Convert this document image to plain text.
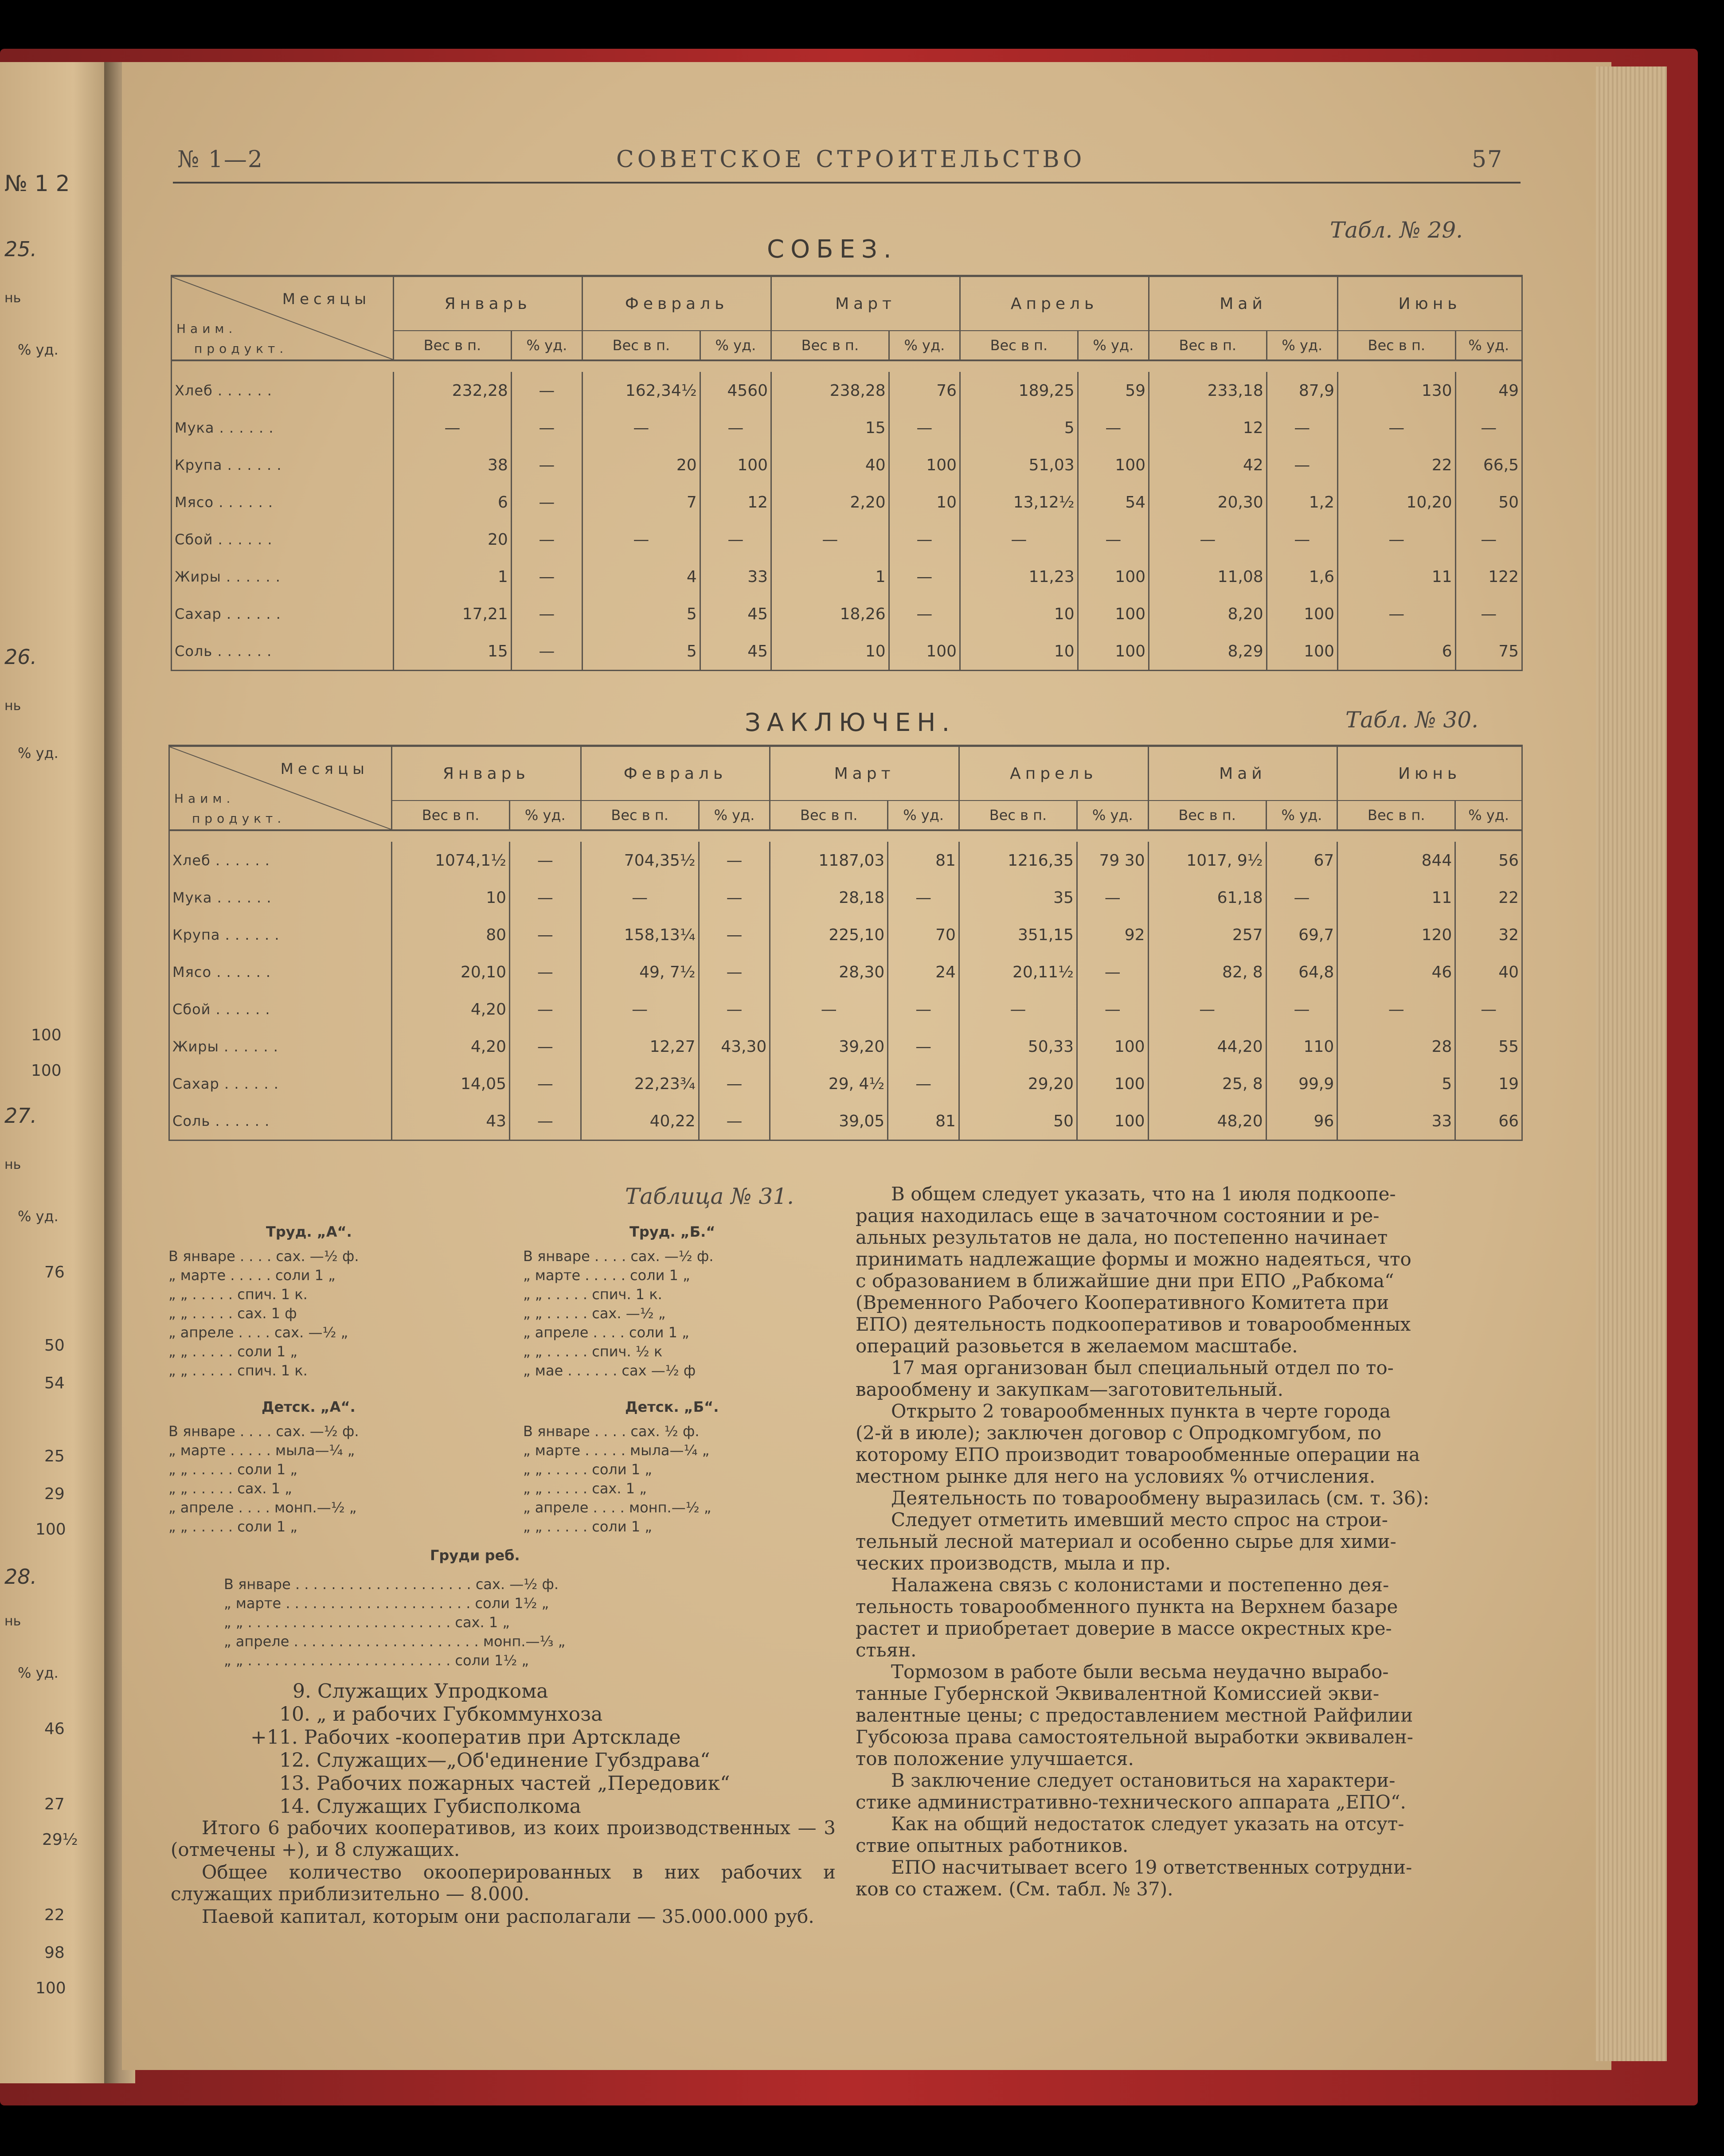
№ 1 2
25.
нь
% уд.
26.
нь
% уд.
100
100
27.
нь
% уд.
76
50
54
25
29
100
28.
нь
% уд.
46
27
29½
22
98
100
№ 1—2	СОВЕТСКОЕ СТРОИТЕЛЬСТВО	57
Табл. № 29.
СОБЕЗ.
Месяцы
Наим.
продукт.	Январь		Февраль		Март		Апрель		Май		Июнь	
	Вес в п.	% уд.	Вес в п.	% уд.	Вес в п.	% уд.	Вес в п.	% уд.	Вес в п.	% уд.	Вес в п.	% уд.

Хлеб . . . . . .	232,28	—	162,34½	4560	238,28	76	189,25	59	233,18	87,9	130	49
Мука . . . . . .	—	—	—	—	15	—	5	—	12	—	—	—
Крупа . . . . . .	38	—	20	100	40	100	51,03	100	42	—	22	66,5
Мясо . . . . . .	6	—	7	12	2,20	10	13,12½	54	20,30	1,2	10,20	50
Сбой . . . . . .	20	—	—	—	—	—	—	—	—	—	—	—
Жиры . . . . . .	1	—	4	33	1	—	11,23	100	11,08	1,6	11	122
Сахар . . . . . .	17,21	—	5	45	18,26	—	10	100	8,20	100	—	—
Соль . . . . . .	15	—	5	45	10	100	10	100	8,29	100	6	75
Табл. № 30.
ЗАКЛЮЧЕН.
Месяцы
Наим.
продукт.	Январь		Февраль		Март		Апрель		Май		Июнь	
	Вес в п.	% уд.	Вес в п.	% уд.	Вес в п.	% уд.	Вес в п.	% уд.	Вес в п.	% уд.	Вес в п.	% уд.

Хлеб . . . . . .	1074,1½	—	704,35½	—	1187,03	81	1216,35	79 30	1017, 9½	67	844	56
Мука . . . . . .	10	—	—	—	28,18	—	35	—	61,18	—	11	22
Крупа . . . . . .	80	—	158,13¼	—	225,10	70	351,15	92	257	69,7	120	32
Мясо . . . . . .	20,10	—	49, 7½	—	28,30	24	20,11½	—	82, 8	64,8	46	40
Сбой . . . . . .	4,20	—	—	—	—	—	—	—	—	—	—	—
Жиры . . . . . .	4,20	—	12,27	43,30	39,20	—	50,33	100	44,20	110	28	55
Сахар . . . . . .	14,05	—	22,23¾	—	29, 4½	—	29,20	100	25, 8	99,9	5	19
Соль . . . . . .	43	—	40,22	—	39,05	81	50	100	48,20	96	33	66
Таблица № 31.
Труд. „А“.
В январе . . . . сах. —½ ф.
„ марте . . . . . соли 1 „
„ „ . . . . . спич. 1 к.
„ „ . . . . . сах. 1 ф
„ апреле . . . . сах. —½ „
„ „ . . . . . соли 1 „
„ „ . . . . . спич. 1 к.
Труд. „Б.“
В январе . . . . сах. —½ ф.
„ марте . . . . . соли 1 „
„ „ . . . . . спич. 1 к.
„ „ . . . . . сах. —½ „
„ апреле . . . . соли 1 „
„ „ . . . . . спич. ½ к
„ мае . . . . . . сах —½ ф
Детск. „А“.
В январе . . . . сах. —½ ф.
„ марте . . . . . мыла—¼ „
„ „ . . . . . соли 1 „
„ „ . . . . . сах. 1 „
„ апреле . . . . монп.—½ „
„ „ . . . . . соли 1 „
Детск. „Б“.
В январе . . . . сах. ½ ф.
„ марте . . . . . мыла—¼ „
„ „ . . . . . соли 1 „
„ „ . . . . . сах. 1 „
„ апреле . . . . монп.—½ „
„ „ . . . . . соли 1 „
Груди реб.
В январе . . . . . . . . . . . . . . . . . . . . сах. —½ ф.
„ марте . . . . . . . . . . . . . . . . . . . . . соли 1½ „
„ „ . . . . . . . . . . . . . . . . . . . . . . . сах. 1 „
„ апреле . . . . . . . . . . . . . . . . . . . . . монп.—⅓ „
„ „ . . . . . . . . . . . . . . . . . . . . . . . соли 1½ „
9. Служащих Упродкома
10. „ и рабочих Губкоммунхоза
+11. Рабочих -кооператив при Артскладе
12. Служащих—„Об'единение Губздрава“
13. Рабочих пожарных частей „Передовик“
14. Служащих Губисполкома
Итого 6 рабочих кооперативов, из коих производственных — 3 (отмечены +), и 8 служащих.
Общее количество окооперированных в них рабочих и служащих приблизительно — 8.000.
Паевой капитал, которым они располагали — 35.000.000 руб.
В общем следует указать, что на 1 июля подкоопе-
рация находилась еще в зачаточном состоянии и ре-
альных результатов не дала, но постепенно начинает
принимать надлежащие формы и можно надеяться, что
с образованием в ближайшие дни при ЕПО „Рабкома“
(Временного Рабочего Кооперативного Комитета при
ЕПО) деятельность подкооперативов и товарообменных
операций разовьется в желаемом масштабе.
17 мая организован был специальный отдел по то-
варообмену и закупкам—заготовительный.
Открыто 2 товарообменных пункта в черте города
(2-й в июле); заключен договор с Опродкомгубом, по
которому ЕПО производит товарообменные операции на
местном рынке для него на условиях % отчисления.
Деятельность по товарообмену выразилась (см. т. 36):
Следует отметить имевший место спрос на строи-
тельный лесной материал и особенно сырье для хими-
ческих производств, мыла и пр.
Налажена связь с колонистами и постепенно дея-
тельность товарообменного пункта на Верхнем базаре
растет и приобретает доверие в массе окрестных кре-
стьян.
Тормозом в работе были весьма неудачно вырабо-
танные Губернской Эквивалентной Комиссией экви-
валентные цены; с предоставлением местной Райфилии
Губсоюза права самостоятельной выработки эквивален-
тов положение улучшается.
В заключение следует остановиться на характери-
стике административно-технического аппарата „ЕПО“.
Как на общий недостаток следует указать на отсут-
ствие опытных работников.
ЕПО насчитывает всего 19 ответственных сотрудни-
ков со стажем. (См. табл. № 37).
